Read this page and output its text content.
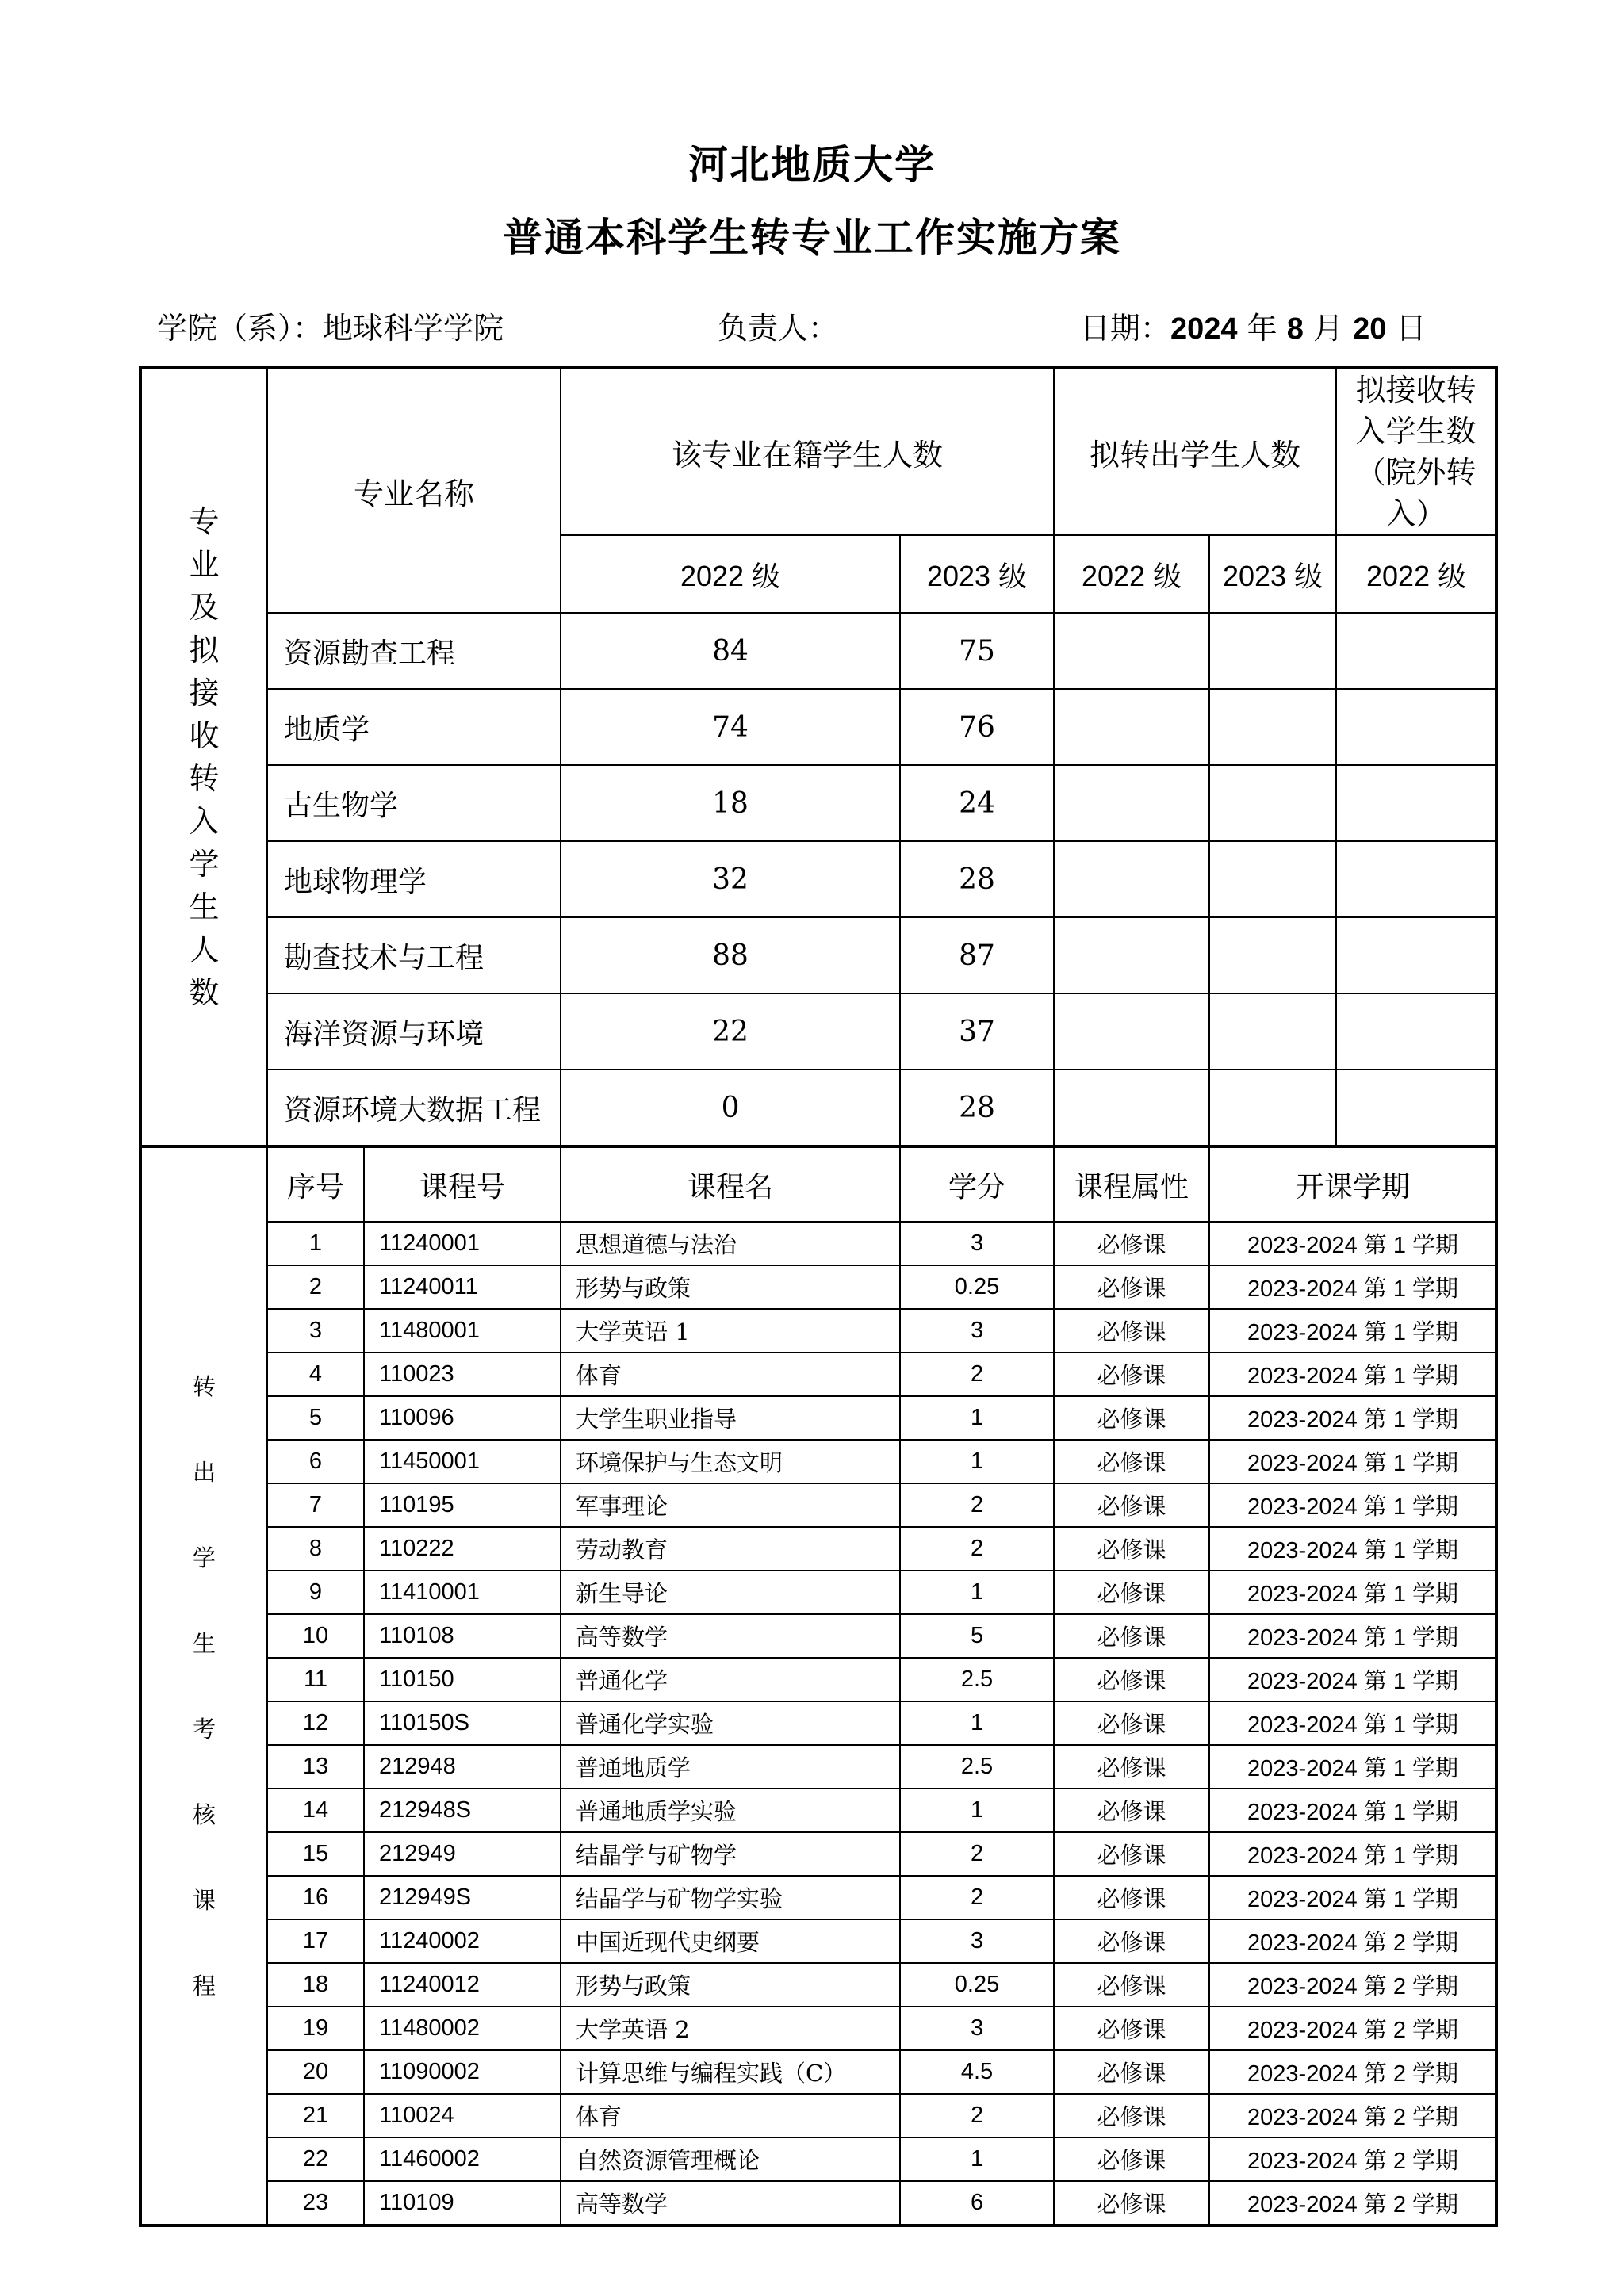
河北地质大学
普通本科学生转专业工作实施方案
学院（系）：地球科学学院	负责人：	日期：2024 年 8 月 20 日
专业及拟接收转入学生人数	专业名称		该专业在籍学生人数		拟转出学生人数		拟接收转入学生数（院外转入）	
			2022 级	2023 级	2022 级	2023 级	2022 级	
	资源勘查工程		84	75				
	地质学		74	76				
	古生物学		18	24				
	地球物理学		32	28				
	勘查技术与工程		88	87				
	海洋资源与环境		22	37				
	资源环境大数据工程		0	28				

转出学生考核课程	序号	课程号	课程名	学分	课程属性	开课学期		
	1	11240001	思想道德与法治	3	必修课	2023-2024 第 1 学期		
	2	11240011	形势与政策	0.25	必修课	2023-2024 第 1 学期		
	3	11480001	大学英语 1	3	必修课	2023-2024 第 1 学期		
	4	110023	体育	2	必修课	2023-2024 第 1 学期		
	5	110096	大学生职业指导	1	必修课	2023-2024 第 1 学期		
	6	11450001	环境保护与生态文明	1	必修课	2023-2024 第 1 学期		
	7	110195	军事理论	2	必修课	2023-2024 第 1 学期		
	8	110222	劳动教育	2	必修课	2023-2024 第 1 学期		
	9	11410001	新生导论	1	必修课	2023-2024 第 1 学期		
	10	110108	高等数学	5	必修课	2023-2024 第 1 学期		
	11	110150	普通化学	2.5	必修课	2023-2024 第 1 学期		
	12	110150S	普通化学实验	1	必修课	2023-2024 第 1 学期		
	13	212948	普通地质学	2.5	必修课	2023-2024 第 1 学期		
	14	212948S	普通地质学实验	1	必修课	2023-2024 第 1 学期		
	15	212949	结晶学与矿物学	2	必修课	2023-2024 第 1 学期		
	16	212949S	结晶学与矿物学实验	2	必修课	2023-2024 第 1 学期		
	17	11240002	中国近现代史纲要	3	必修课	2023-2024 第 2 学期		
	18	11240012	形势与政策	0.25	必修课	2023-2024 第 2 学期		
	19	11480002	大学英语 2	3	必修课	2023-2024 第 2 学期		
	20	11090002	计算思维与编程实践（C）	4.5	必修课	2023-2024 第 2 学期		
	21	110024	体育	2	必修课	2023-2024 第 2 学期		
	22	11460002	自然资源管理概论	1	必修课	2023-2024 第 2 学期		
	23	110109	高等数学	6	必修课	2023-2024 第 2 学期		
